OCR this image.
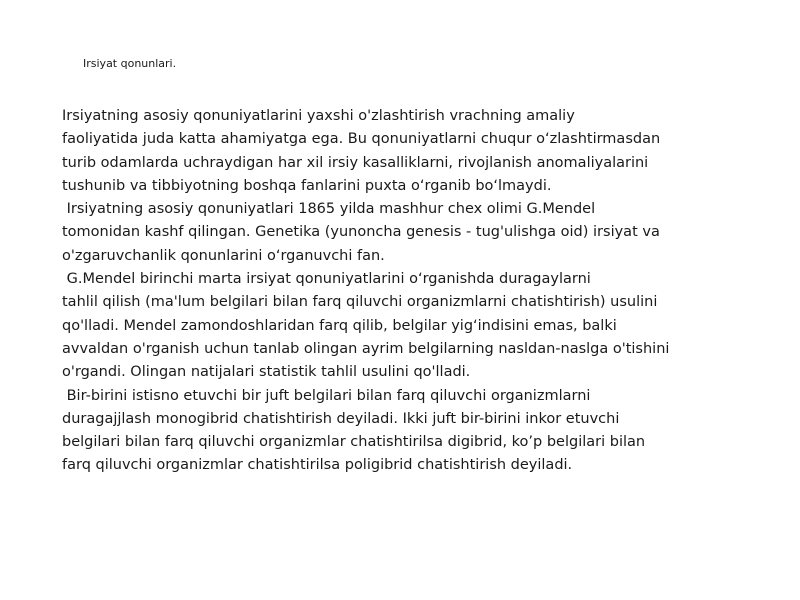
Irsiyat qonunlari.
Irsiyatning asosiy qonuniyatlarini yaxshi o'zlashtirish vrachning amaliy
faoliyatida juda katta ahamiyatga ega. Bu qonuniyatlarni chuqur o‘zlashtirmasdan
turib odamlarda uchraydigan har xil irsiy kasalliklarni, rivojlanish anomaliyalarini
tushunib va tibbiyotning boshqa fanlarini puxta o‘rganib bo‘lmaydi.
Irsiyatning asosiy qonuniyatlari 1865 yilda mashhur chex olimi G.Mendel
tomonidan kashf qilingan. Genetika (yunoncha genesis - tug'ulishga oid) irsiyat va
o'zgaruvchanlik qonunlarini o‘rganuvchi fan.
G.Mendel birinchi marta irsiyat qonuniyatlarini o‘rganishda duragaylarni
tahlil qilish (ma'lum belgilari bilan farq qiluvchi organizmlarni chatishtirish) usulini
qo'lladi. Mendel zamondoshlaridan farq qilib, belgilar yig‘indisini emas, balki
avvaldan o'rganish uchun tanlab olingan ayrim belgilarning nasldan-naslga o'tishini
o'rgandi. Olingan natijalari statistik tahlil usulini qo'lladi.
Bir-birini istisno etuvchi bir juft belgilari bilan farq qiluvchi organizmlarni
duragajjlash monogibrid chatishtirish deyiladi. Ikki juft bir-birini inkor etuvchi
belgilari bilan farq qiluvchi organizmlar chatishtirilsa digibrid, ko’p belgilari bilan
farq qiluvchi organizmlar chatishtirilsa poligibrid chatishtirish deyiladi.
